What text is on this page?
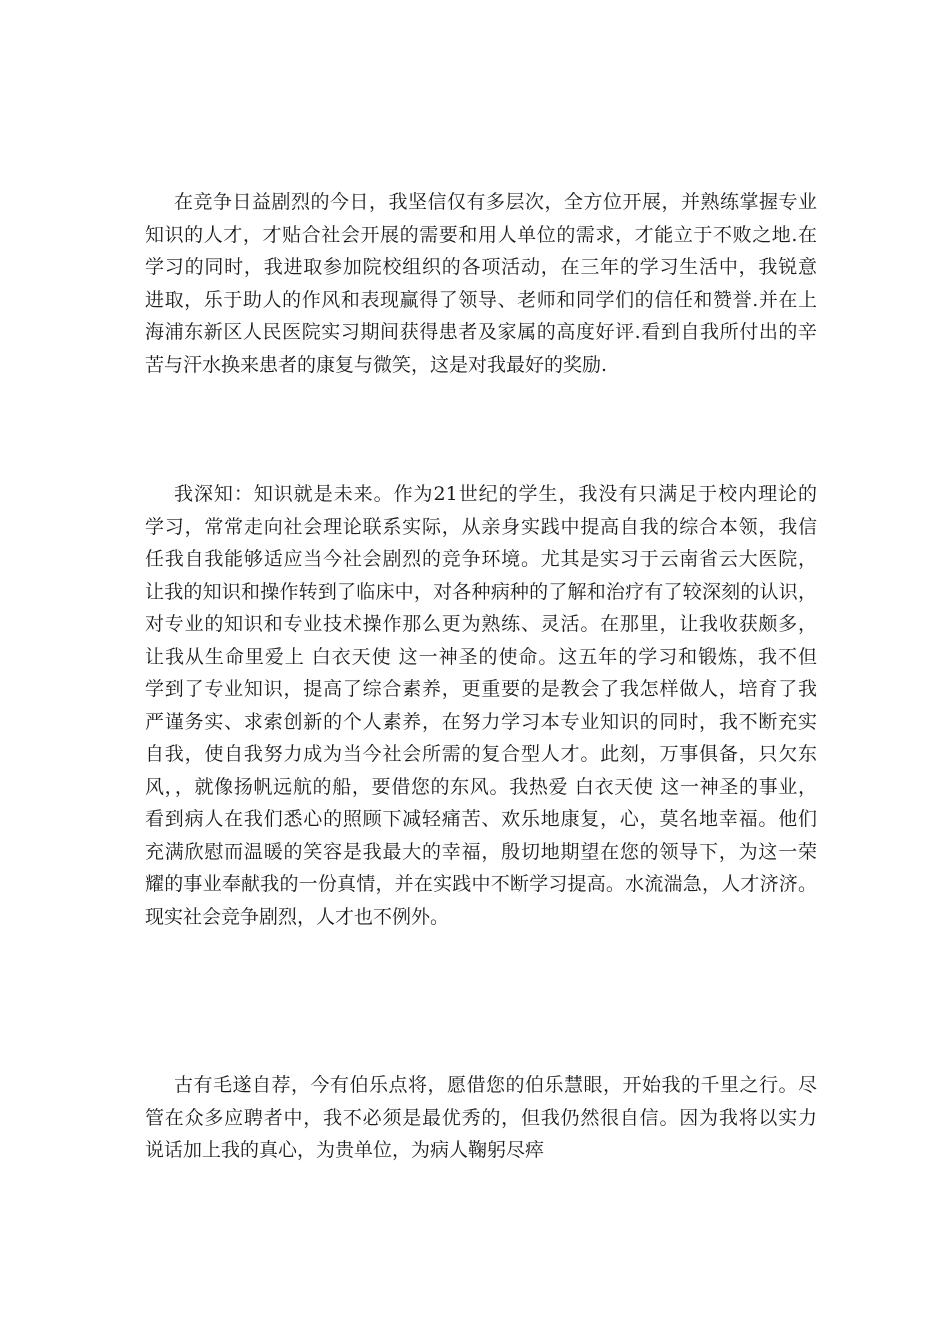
在竞争日益剧烈的今日，我坚信仅有多层次，全方位开展，并熟练掌握专业
知识的人才，才贴合社会开展的需要和用人单位的需求，才能立于不败之地.在
学习的同时，我进取参加院校组织的各项活动，在三年的学习生活中，我锐意
进取，乐于助人的作风和表现赢得了领导、老师和同学们的信任和赞誉.并在上
海浦东新区人民医院实习期间获得患者及家属的高度好评.看到自我所付出的辛
苦与汗水换来患者的康复与微笑，这是对我最好的奖励.
我深知：知识就是未来。作为21世纪的学生，我没有只满足于校内理论的
学习，常常走向社会理论联系实际，从亲身实践中提高自我的综合本领，我信
任我自我能够适应当今社会剧烈的竞争环境。尤其是实习于云南省云大医院，
让我的知识和操作转到了临床中，对各种病种的了解和治疗有了较深刻的认识，
对专业的知识和专业技术操作那么更为熟练、灵活。在那里，让我收获颇多，
让我从生命里爱上 白衣天使 这一神圣的使命。这五年的学习和锻炼，我不但
学到了专业知识，提高了综合素养，更重要的是教会了我怎样做人，培育了我
严谨务实、求索创新的个人素养，在努力学习本专业知识的同时，我不断充实
自我，使自我努力成为当今社会所需的复合型人才。此刻，万事俱备，只欠东
风，，就像扬帆远航的船，要借您的东风。我热爱 白衣天使 这一神圣的事业，
看到病人在我们悉心的照顾下减轻痛苦、欢乐地康复，心，莫名地幸福。他们
充满欣慰而温暖的笑容是我最大的幸福，殷切地期望在您的领导下，为这一荣
耀的事业奉献我的一份真情，并在实践中不断学习提高。水流湍急，人才济济。
现实社会竞争剧烈，人才也不例外。
古有毛遂自荐，今有伯乐点将，愿借您的伯乐慧眼，开始我的千里之行。尽
管在众多应聘者中，我不必须是最优秀的，但我仍然很自信。因为我将以实力
说话加上我的真心，为贵单位，为病人鞠躬尽瘁
